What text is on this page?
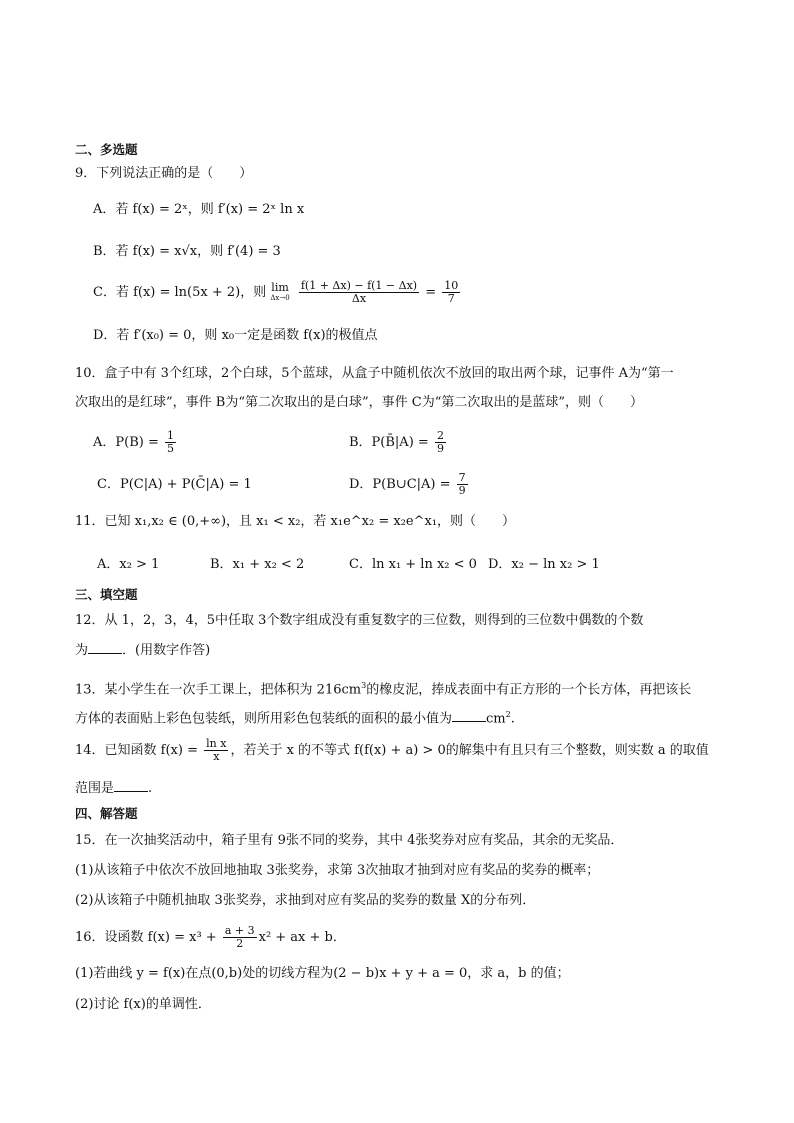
二、多选题
9．下列说法正确的是（　　）
A．若 f(x) = 2ˣ，则 f′(x) = 2ˣ ln x
B．若 f(x) = x√x，则 f′(4) = 3
C．若 f(x) = ln(5x + 2)，则 lim
Δx→0
$\frac{f(1 + \Delta x) - f(1 - \Delta x)}{\Delta x} = \frac{10}{7}$
D．若 f′(x₀) = 0，则 x₀一定是函数 f(x)的极值点
10．盒子中有 3个红球，2个白球，5个蓝球，从盒子中随机依次不放回的取出两个球，记事件 A为“第一
次取出的是红球”，事件 B为“第二次取出的是白球”，事件 C为“第二次取出的是蓝球”，则（　　）
A．$P(B) = \frac{1}{5}$	B．P(B̄|A) = $\frac{2}{9}$
C．P(C|A) + P(C̄|A) = 1	D．P(B∪C|A) = $\frac{7}{9}$
11．已知 x₁,x₂ ∈ (0,+∞)，且 x₁ < x₂，若 x₁e^x₂ = x₂e^x₁，则（　　）
A．x₂ > 1	B．x₁ + x₂ < 2	C．ln x₁ + ln x₂ < 0 D．x₂ − ln x₂ > 1
三、填空题
12．从 1，2，3，4，5中任取 3个数字组成没有重复数字的三位数，则得到的三位数中偶数的个数
为	．(用数字作答)
13．某小学生在一次手工课上，把体积为 $216cm^3$的橡皮泥，捧成表面中有正方形的一个长方体，再把该长
方体的表面贴上彩色包装纸，则所用彩色包装纸的面积的最小值为	$cm^2$.
14．已知函数 $f(x) = \frac{\text{ln x}}{x}$ ，若关于 x 的不等式 f(f(x) + a) > 0的解集中有且只有三个整数，则实数 a 的取值
范围是	.
四、解答题
15．在一次抽奖活动中，箱子里有 9张不同的奖券，其中 4张奖券对应有奖品，其余的无奖品．
(1)从该箱子中依次不放回地抽取 3张奖券，求第 3次抽取才抽到对应有奖品的奖券的概率；
(2)从该箱子中随机抽取 3张奖券，求抽到对应有奖品的奖券的数量 X的分布列．
16．设函数 $f(x) = x^3 + \frac{a + 3}{2} x^2$ + ax + b．
(1)若曲线 y = f(x)在点(0,b)处的切线方程为(2 − b)x + y + a = 0，求 a，b 的值；
(2)讨论 f(x)的单调性．
